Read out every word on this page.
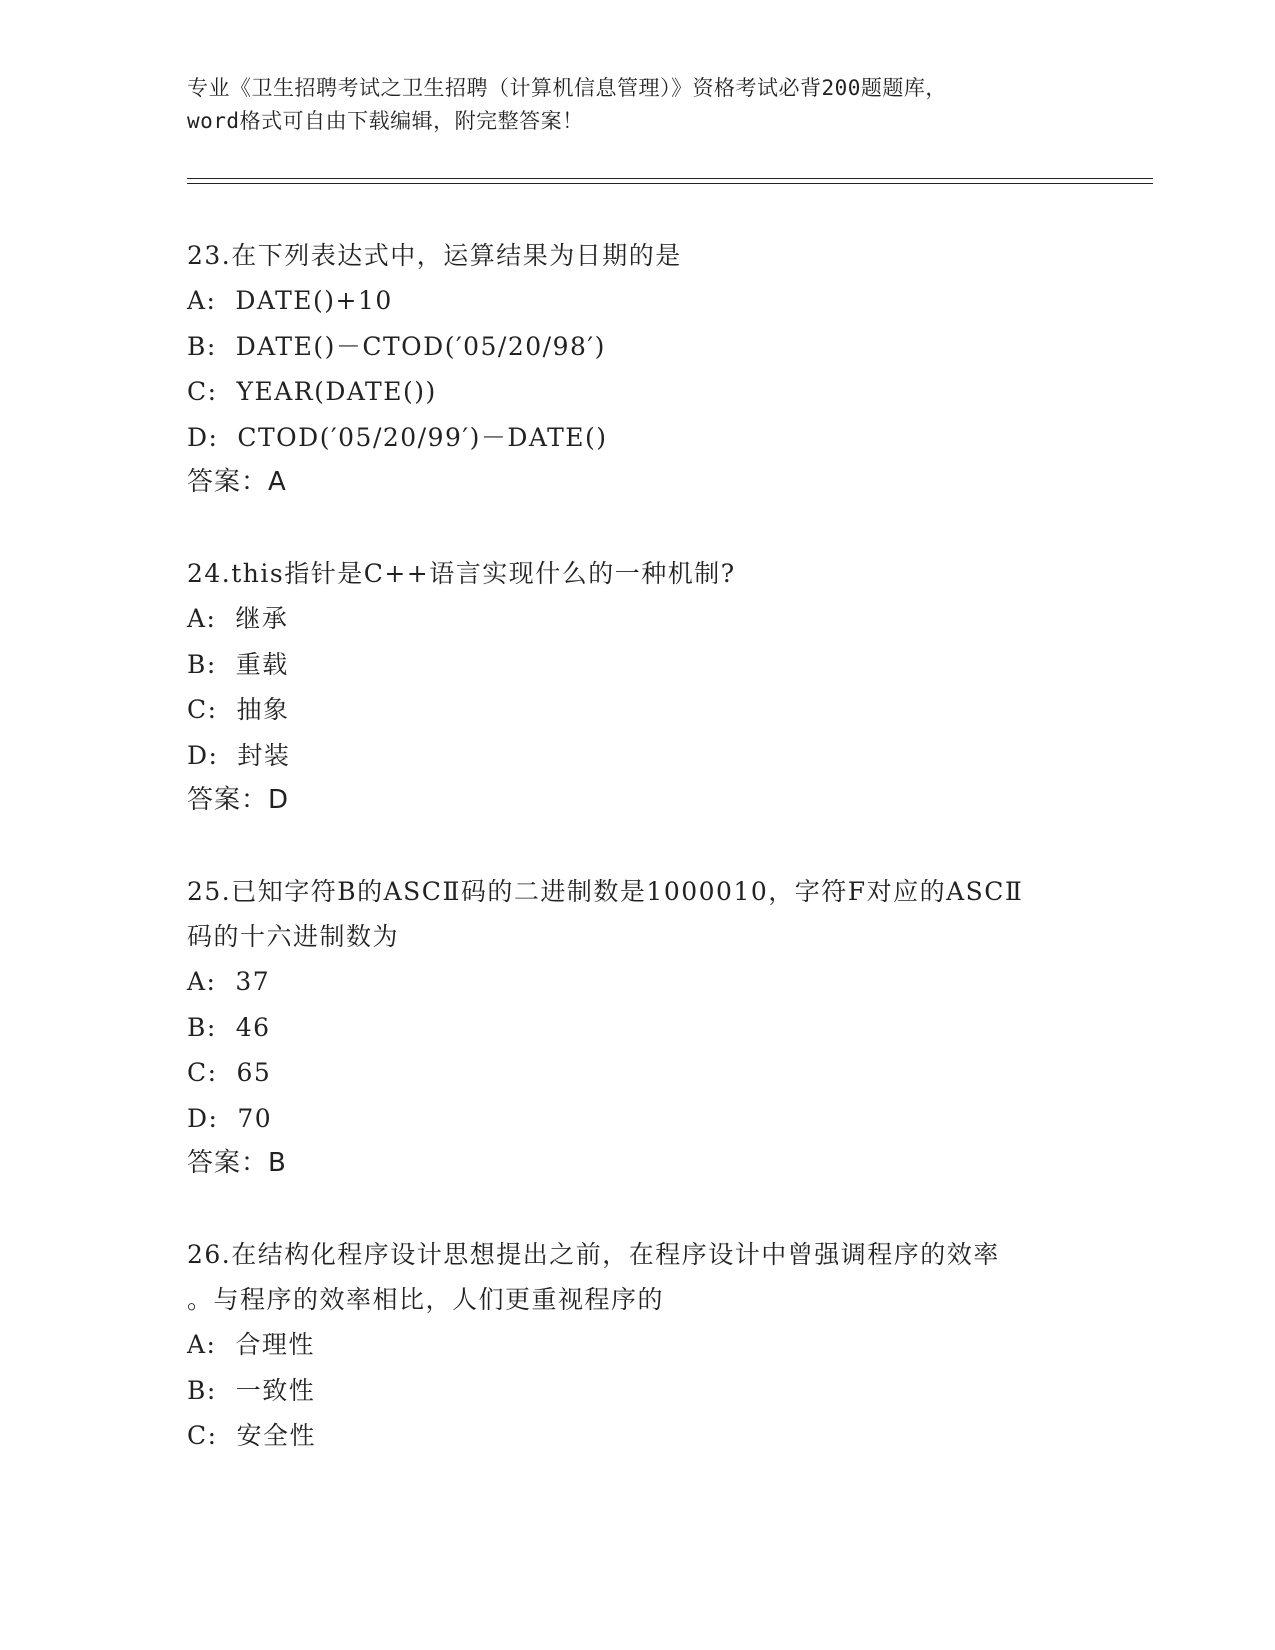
专业《卫生招聘考试之卫生招聘（计算机信息管理）》资格考试必背200题题库，
word格式可自由下载编辑，附完整答案！

23.在下列表达式中，运算结果为日期的是

A:  DATE()+10

B:  DATE()－CTOD(′05/20/98′)

C:  YEAR(DATE())

D:  CTOD(′05/20/99′)－DATE()

答案：A

24.this指针是C++语言实现什么的一种机制?

A:  继承

B:  重载

C:  抽象

D:  封装

答案：D

25.已知字符B的ASCⅡ码的二进制数是1000010，字符F对应的ASCⅡ

码的十六进制数为

A:  37

B:  46

C:  65

D:  70

答案：B

26.在结构化程序设计思想提出之前，在程序设计中曾强调程序的效率

。与程序的效率相比，人们更重视程序的

A:  合理性

B:  一致性

C:  安全性
